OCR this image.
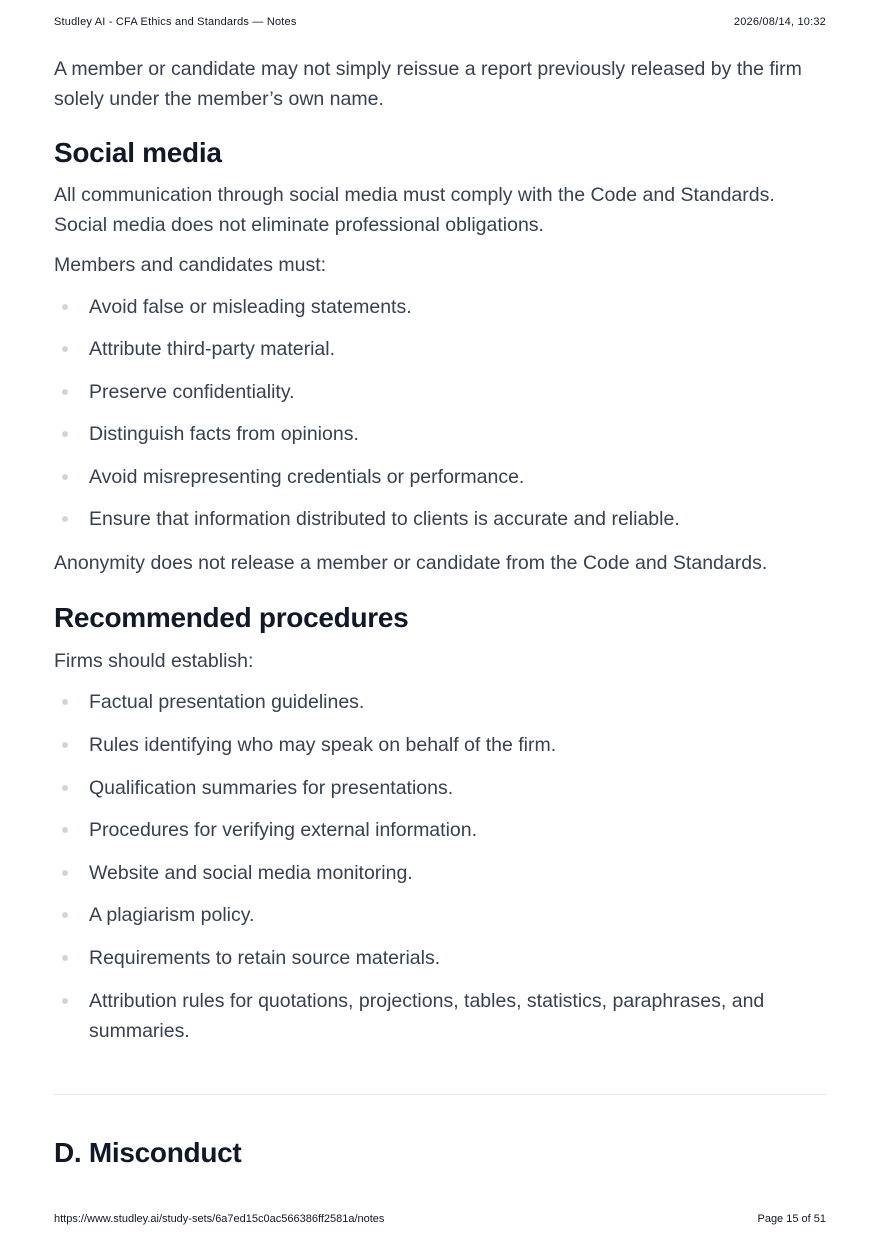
Studley AI - CFA Ethics and Standards — Notes	2026/08/14, 10:32

A member or candidate may not simply reissue a report previously released by the firm solely under the member’s own name.

Social media

All communication through social media must comply with the Code and Standards. Social media does not eliminate professional obligations.

Members and candidates must:

Avoid false or misleading statements.
Attribute third-party material.
Preserve confidentiality.
Distinguish facts from opinions.
Avoid misrepresenting credentials or performance.
Ensure that information distributed to clients is accurate and reliable.

Anonymity does not release a member or candidate from the Code and Standards.

Recommended procedures

Firms should establish:

Factual presentation guidelines.
Rules identifying who may speak on behalf of the firm.
Qualification summaries for presentations.
Procedures for verifying external information.
Website and social media monitoring.
A plagiarism policy.
Requirements to retain source materials.
Attribution rules for quotations, projections, tables, statistics, paraphrases, and summaries.
D. Misconduct
https://www.studley.ai/study-sets/6a7ed15c0ac566386ff2581a/notes	Page 15 of 51
